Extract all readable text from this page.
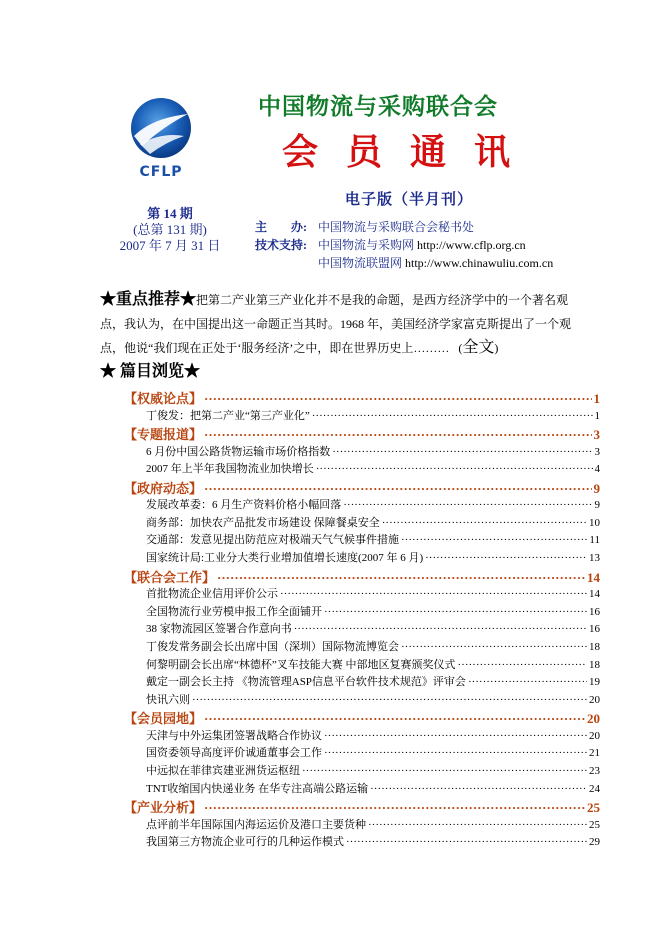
CFLP
中国物流与采购联合会
会员通讯
电子版（半月刊）
第 14 期
(总第 131 期)
2007 年 7 月 31 日
主　　办: 中国物流与采购联合会秘书处
技术支持: 中国物流与采购网 http://www.cflp.org.cn
中国物流联盟网 http://www.chinawuliu.com.cn
★重点推荐★把第二产业第三产业化并不是我的命题，是西方经济学中的一个著名观点，我认为，在中国提出这一命题正当其时。1968 年，美国经济学家富克斯提出了一个观点，他说“我们现在正处于‘服务经济’之中，即在世界历史上………   (全文)
★ 篇目浏览★
【权威论点】 ·····	1
丁俊发：把第二产业“第三产业化” ·····	1
【专题报道】 ·····	3
6 月份中国公路货物运输市场价格指数 ·····	3
2007 年上半年我国物流业加快增长 ·····	4
【政府动态】 ·····	9
发展改革委：6 月生产资料价格小幅回落 ·····	9
商务部：加快农产品批发市场建设 保障餐桌安全 ·····	10
交通部：发意见提出防范应对极端天气气候事件措施 ·····	11
国家统计局:工业分大类行业增加值增长速度(2007 年 6 月) ·····	13
【联合会工作】 ·····	14
首批物流企业信用评价公示 ·····	14
全国物流行业劳模申报工作全面铺开 ·····	16
38 家物流园区签署合作意向书 ·····	16
丁俊发常务副会长出席中国（深圳）国际物流博览会 ·····	18
何黎明副会长出席“林德杯”叉车技能大赛 中部地区复赛颁奖仪式 ·····	18
戴定一副会长主持 《物流管理ASP信息平台软件技术规范》评审会 ·····	19
快讯六则 ·····	20
【会员园地】 ·····	20
天津与中外运集团签署战略合作协议 ·····	20
国资委领导高度评价诚通董事会工作 ·····	21
中远拟在菲律宾建亚洲货运枢纽 ·····	23
TNT收缩国内快递业务 在华专注高端公路运输 ·····	24
【产业分析】 ·····	25
点评前半年国际国内海运运价及港口主要货种 ·····	25
我国第三方物流企业可行的几种运作模式 ·····	29
